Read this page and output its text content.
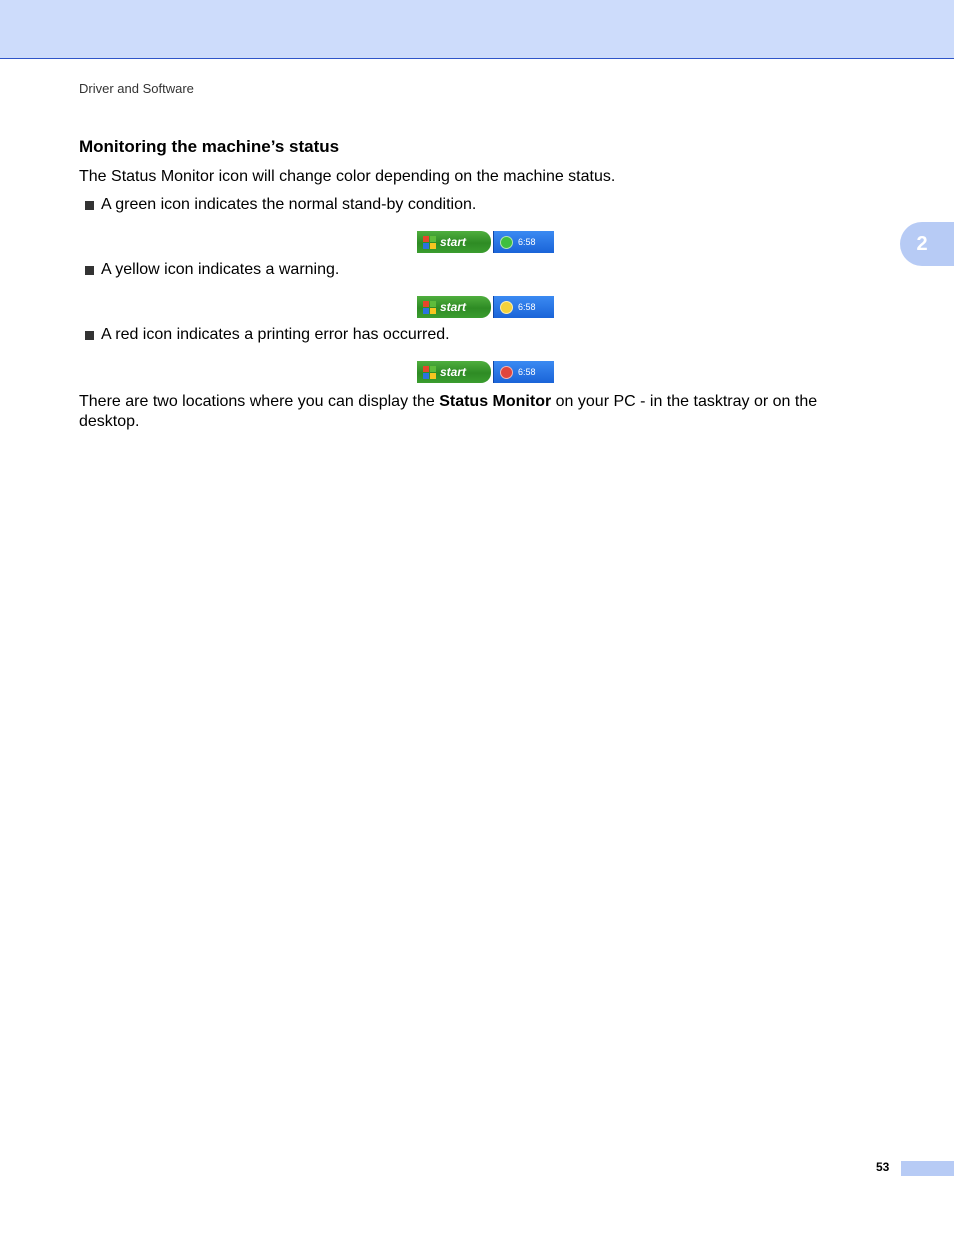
Driver and Software
2
Monitoring the machine’s status
The Status Monitor icon will change color depending on the machine status.
A green icon indicates the normal stand-by condition.
start	6:58
A yellow icon indicates a warning.
start	6:58
A red icon indicates a printing error has occurred.
start	6:58
There are two locations where you can display the Status Monitor on your PC - in the tasktray or on the desktop.
53
